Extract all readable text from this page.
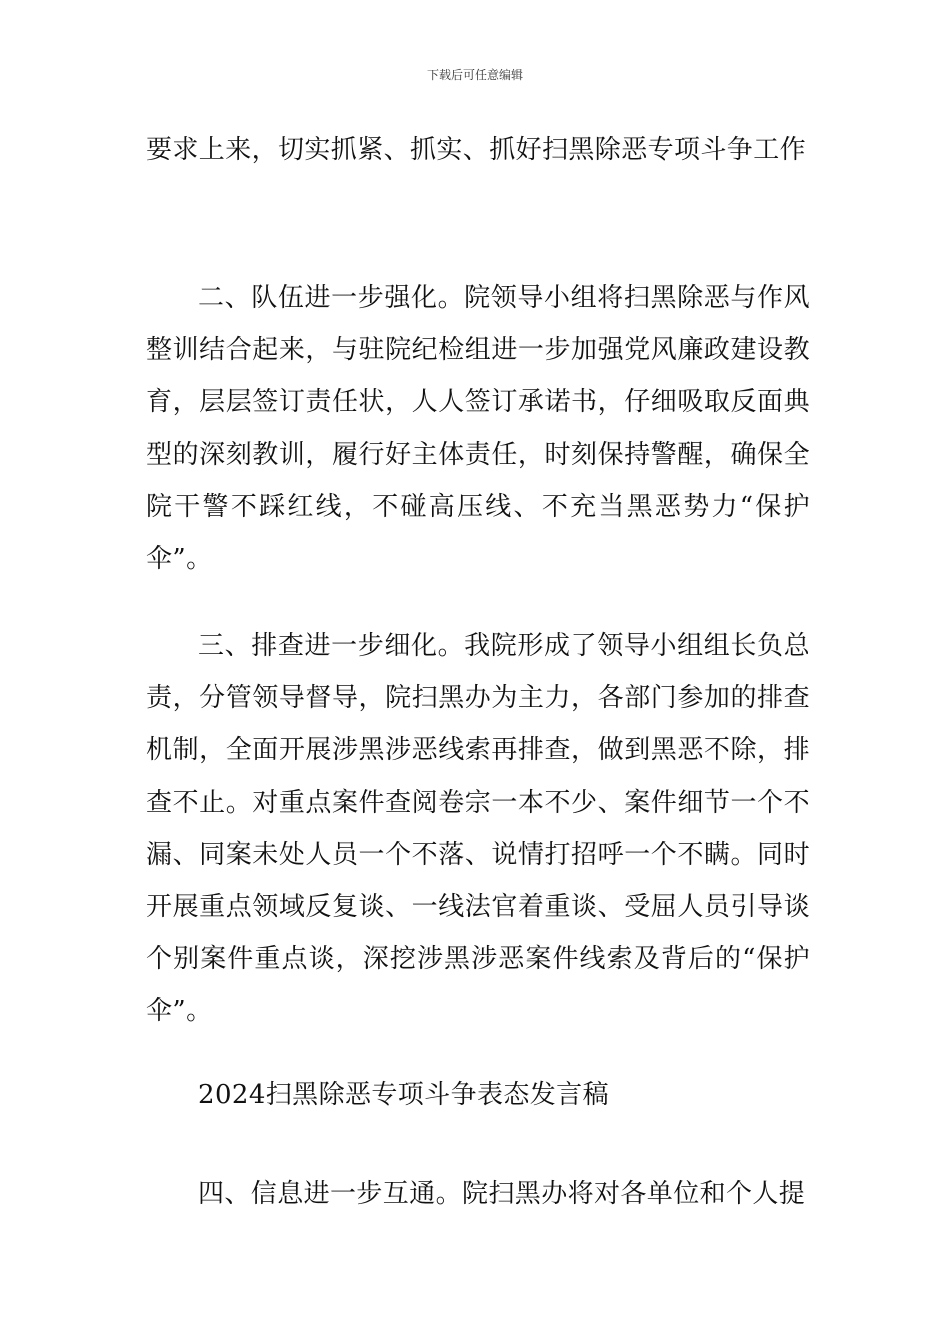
下载后可任意编辑

要求上来，切实抓紧、抓实、抓好扫黑除恶专项斗争工作

二、队伍进一步强化。院领导小组将扫黑除恶与作风整训结合起来，与驻院纪检组进一步加强党风廉政建设教育，层层签订责任状，人人签订承诺书，仔细吸取反面典型的深刻教训，履行好主体责任，时刻保持警醒，确保全院干警不踩红线，不碰高压线、不充当黑恶势力“保护伞”。

三、排查进一步细化。我院形成了领导小组组长负总责，分管领导督导，院扫黑办为主力，各部门参加的排查机制，全面开展涉黑涉恶线索再排查，做到黑恶不除，排查不止。对重点案件查阅卷宗一本不少、案件细节一个不漏、同案未处人员一个不落、说情打招呼一个不瞒。同时开展重点领域反复谈、一线法官着重谈、受屈人员引导谈个别案件重点谈，深挖涉黑涉恶案件线索及背后的“保护伞”。

2024扫黑除恶专项斗争表态发言稿

四、信息进一步互通。院扫黑办将对各单位和个人提
